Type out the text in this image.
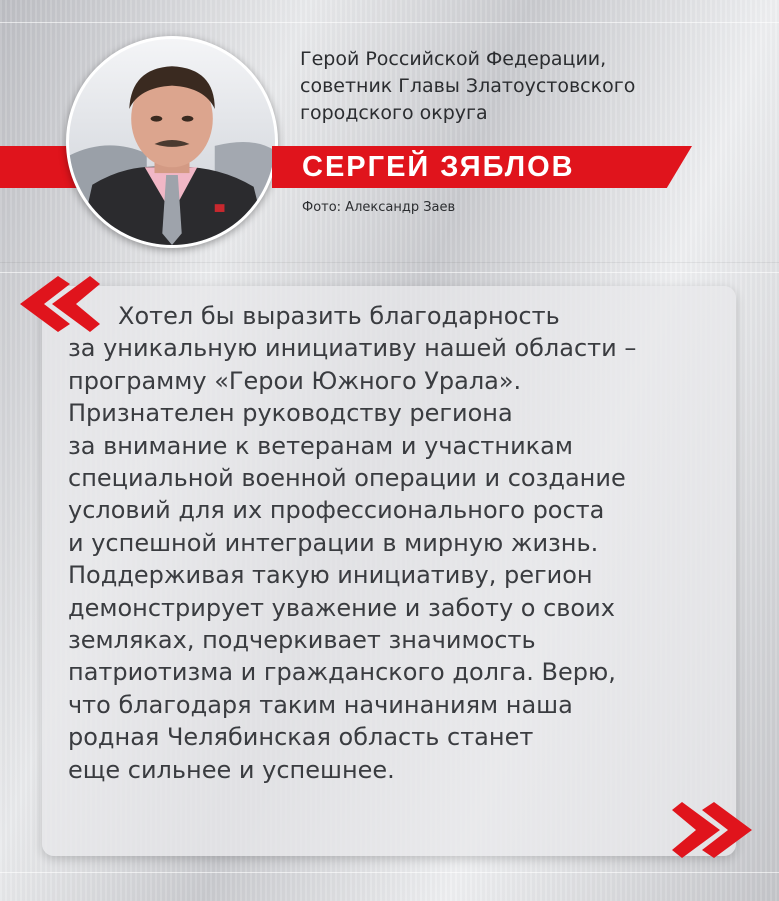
СЕРГЕЙ ЗЯБЛОВ
Герой Российской Федерации,
советник Главы Златоустовского
городского округа
Фото: Александр Заев
Хотел бы выразить благодарность
за уникальную инициативу нашей области –
программу «Герои Южного Урала».
Признателен руководству региона
за внимание к ветеранам и участникам
специальной военной операции и создание
условий для их профессионального роста
и успешной интеграции в мирную жизнь.
Поддерживая такую инициативу, регион
демонстрирует уважение и заботу о своих
земляках, подчеркивает значимость
патриотизма и гражданского долга. Верю,
что благодаря таким начинаниям наша
родная Челябинская область станет
еще сильнее и успешнее.
